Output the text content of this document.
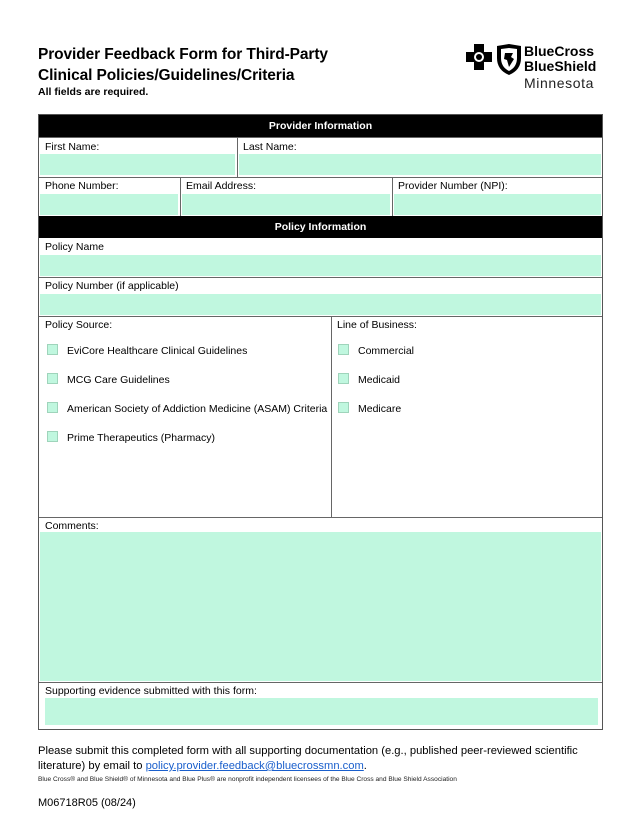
Provider Feedback Form for Third-Party
Clinical Policies/Guidelines/Criteria
All fields are required.
BlueCross
BlueShield
Minnesota
Provider Information
First Name:	Last Name:
Phone Number:	Email Address:	Provider Number (NPI):
Policy Information
Policy Name
Policy Number (if applicable)
Policy Source:	Line of Business:
EviCore Healthcare Clinical Guidelines
MCG Care Guidelines
American Society of Addiction Medicine (ASAM) Criteria
Prime Therapeutics (Pharmacy)
Commercial
Medicaid
Medicare
Comments:
Supporting evidence submitted with this form:
Please submit this completed form with all supporting documentation (e.g., published peer-reviewed scientific literature) by email to policy.provider.feedback@bluecrossmn.com.
Blue Cross® and Blue Shield® of Minnesota and Blue Plus® are nonprofit independent licensees of the Blue Cross and Blue Shield Association
M06718R05 (08/24)
